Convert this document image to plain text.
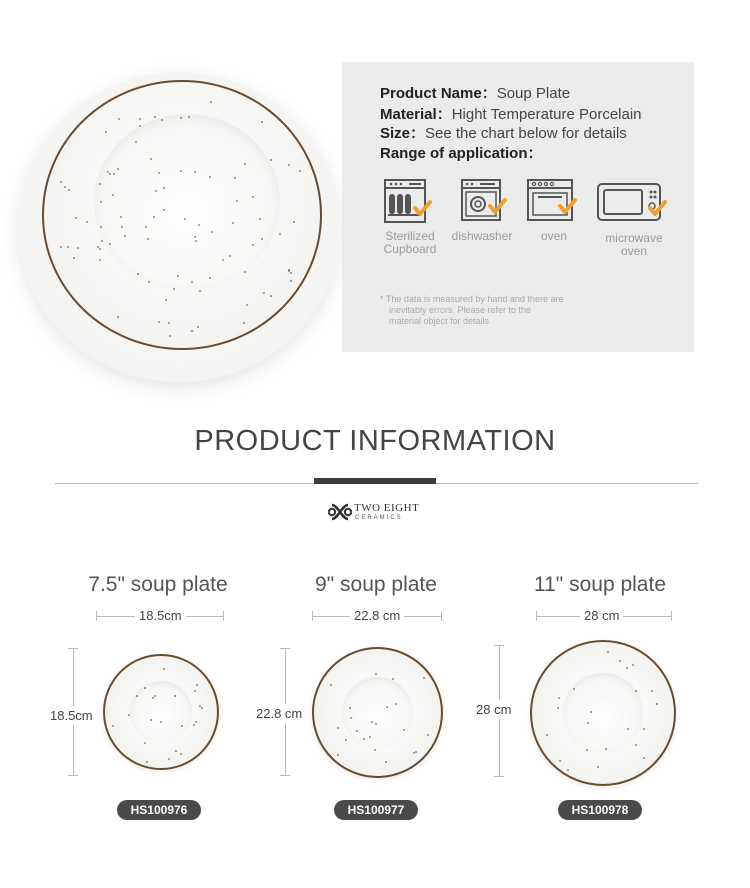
Product Name：Soup Plate
Material：Hight Temperature Porcelain
Size：See the chart below for details
Range of application：
Sterilized
Cupboard
dishwasher	oven	microwave
oven
* The data is measured by hand and there are
inevitably errors. Please refer to the
material object for details
PRODUCT INFORMATION
TWO EIGHT
CERAMICS
7.5" soup plate
18.5cm
18.5cm
HS100976
9" soup plate
22.8 cm
22.8 cm
HS100977
11" soup plate
28 cm
28 cm
HS100978
